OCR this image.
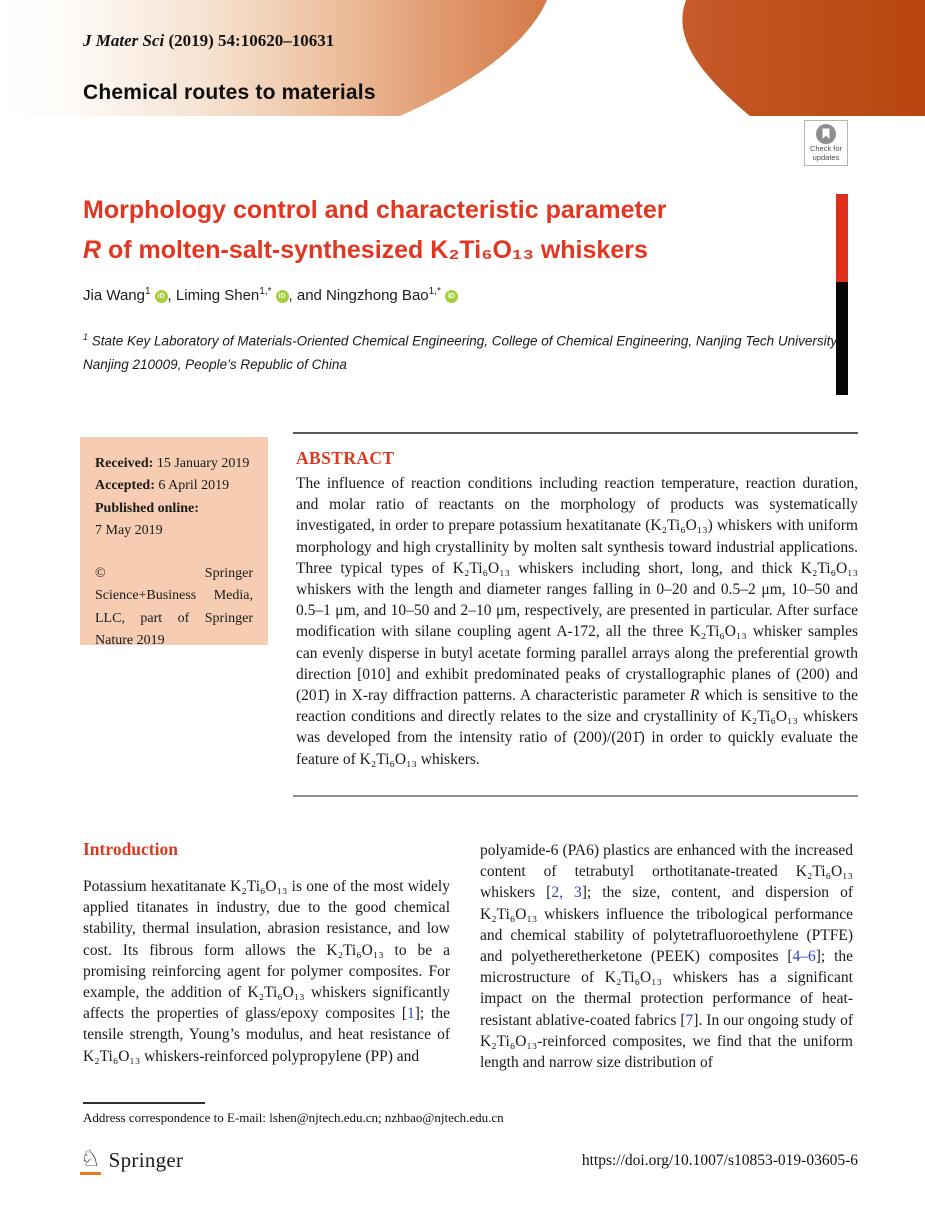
J Mater Sci (2019) 54:10620–10631
Chemical routes to materials
Check for
updates
Morphology control and characteristic parameter
R of molten-salt-synthesized K₂Ti₆O₁₃ whiskers
Jia Wang$^1$ iD , Liming Shen$^{1,*}$ iD , and Ningzhong Bao$^{1,*}$ iD
$^1$ State Key Laboratory of Materials-Oriented Chemical Engineering, College of Chemical Engineering, Nanjing Tech University, Nanjing 210009, People’s Republic of China
Received: 15 January 2019
Accepted: 6 April 2019
Published online:
7 May 2019
© Springer Science+Business Media, LLC, part of Springer Nature 2019
ABSTRACT
The influence of reaction conditions including reaction temperature, reaction duration, and molar ratio of reactants on the morphology of products was systematically investigated, in order to prepare potassium hexatitanate (K₂Ti₆O₁₃) whiskers with uniform morphology and high crystallinity by molten salt synthesis toward industrial applications. Three typical types of K₂Ti₆O₁₃ whiskers including short, long, and thick K₂Ti₆O₁₃ whiskers with the length and diameter ranges falling in 0–20 and 0.5–2 μm, 10–50 and 0.5–1 μm, and 10–50 and 2–10 μm, respectively, are presented in particular. After surface modification with silane coupling agent A-172, all the three K₂Ti₆O₁₃ whisker samples can evenly disperse in butyl acetate forming parallel arrays along the preferential growth direction [010] and exhibit predominated peaks of crystallographic planes of (200) and (201̄) in X-ray diffraction patterns. A characteristic parameter R which is sensitive to the reaction conditions and directly relates to the size and crystallinity of K₂Ti₆O₁₃ whiskers was developed from the intensity ratio of (200)/(201̄) in order to quickly evaluate the feature of K₂Ti₆O₁₃ whiskers.
Introduction
Potassium hexatitanate K₂Ti₆O₁₃ is one of the most widely applied titanates in industry, due to the good chemical stability, thermal insulation, abrasion resistance, and low cost. Its fibrous form allows the K₂Ti₆O₁₃ to be a promising reinforcing agent for polymer composites. For example, the addition of K₂Ti₆O₁₃ whiskers significantly affects the properties of glass/epoxy composites [1]; the tensile strength, Young’s modulus, and heat resistance of K₂Ti₆O₁₃ whiskers-reinforced polypropylene (PP) and
polyamide-6 (PA6) plastics are enhanced with the increased content of tetrabutyl orthotitanate-treated K₂Ti₆O₁₃ whiskers [2, 3]; the size, content, and dispersion of K₂Ti₆O₁₃ whiskers influence the tribological performance and chemical stability of polytetrafluoroethylene (PTFE) and polyetheretherketone (PEEK) composites [4–6]; the microstructure of K₂Ti₆O₁₃ whiskers has a significant impact on the thermal protection performance of heat-resistant ablative-coated fabrics [7]. In our ongoing study of K₂Ti₆O₁₃-reinforced composites, we find that the uniform length and narrow size distribution of
Address correspondence to E-mail: lshen@njtech.edu.cn; nzhbao@njtech.edu.cn
♘ Springer	https://doi.org/10.1007/s10853-019-03605-6
